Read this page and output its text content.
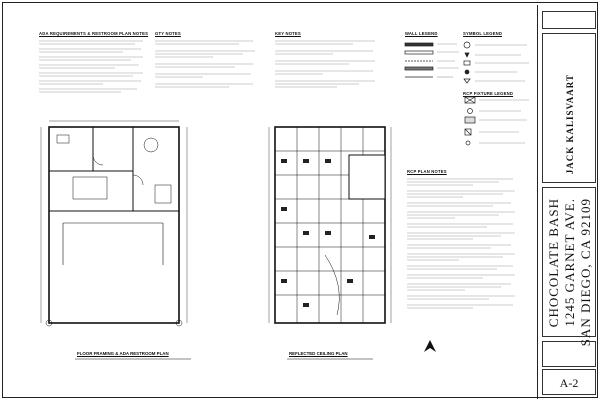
ADA REQUIREMENTS & RESTROOM PLAN NOTES GTY NOTES	KEY NOTES	WALL LEGEND	SYMBOL LEGEND
RCP FIXTURE LEGEND
RCP PLAN NOTES
FLOOR FRAMING & ADA RESTROOM PLAN	REFLECTED CEILING PLAN
JACK KALISVAART
CHOCOLATE BASH 1245 GARNET AVE. SAN DIEGO, CA 92109
A-2
